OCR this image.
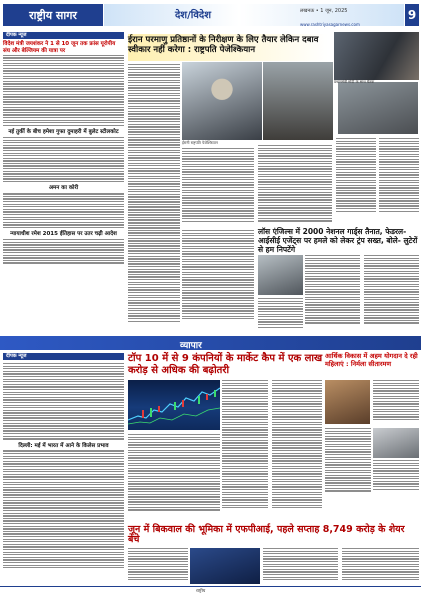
राष्ट्रीय सागर	देश/विदेश	लखनऊ • 1 जून, 2025	9
www.rashtriyasagarnews.com
दीपक न्यूज
विदेश मंत्री जयशंकर ने 1 से 10 जून तक फ्रांस यूरोपीय संघ और बेल्जियम की यात्रा पर
नई तुर्की के बीच हमेशा गुफ्त दुमाहरी में बुलेट स्टीलकोट
अमन का कोरी
न्यायाधीश रमेश 2015 ईतिहास पर उतर चढ़ी आदेश
ईरान परमाणु प्रतिष्ठानों के निरीक्षण के लिए तैयार लेकिन दबाव स्वीकार नहीं करेगा : राष्ट्रपति पेजेश्कियान
ईरानी राष्ट्रपति पेजेश्कियान
प्रधानमंत्री मोदी के साथ बैठक
लॉस एंजिल्स में 2000 नेशनल गार्ड्स तैनात, फेडरल-आईसीई एजेंट्स पर हमले को लेकर ट्रंप सख्त, बोले- लुटेरों से हम निपटेंगे
व्यापार
दीपक न्यूज
दिल्ली: मई में भारत में आने के किलेस प्रभाव
टॉप 10 में से 9 कंपनियों के मार्केट कैप में एक लाख करोड़ से अधिक की बढ़ोतरी
आर्थिक विकास में अहम योगदान दे रही महिलाएं : निर्मला सीतारमण
जून में बिकवाल की भूमिका में एफपीआई, पहले सप्ताह 8,749 करोड़ के शेयर बेचे
राष्ट्रीय
